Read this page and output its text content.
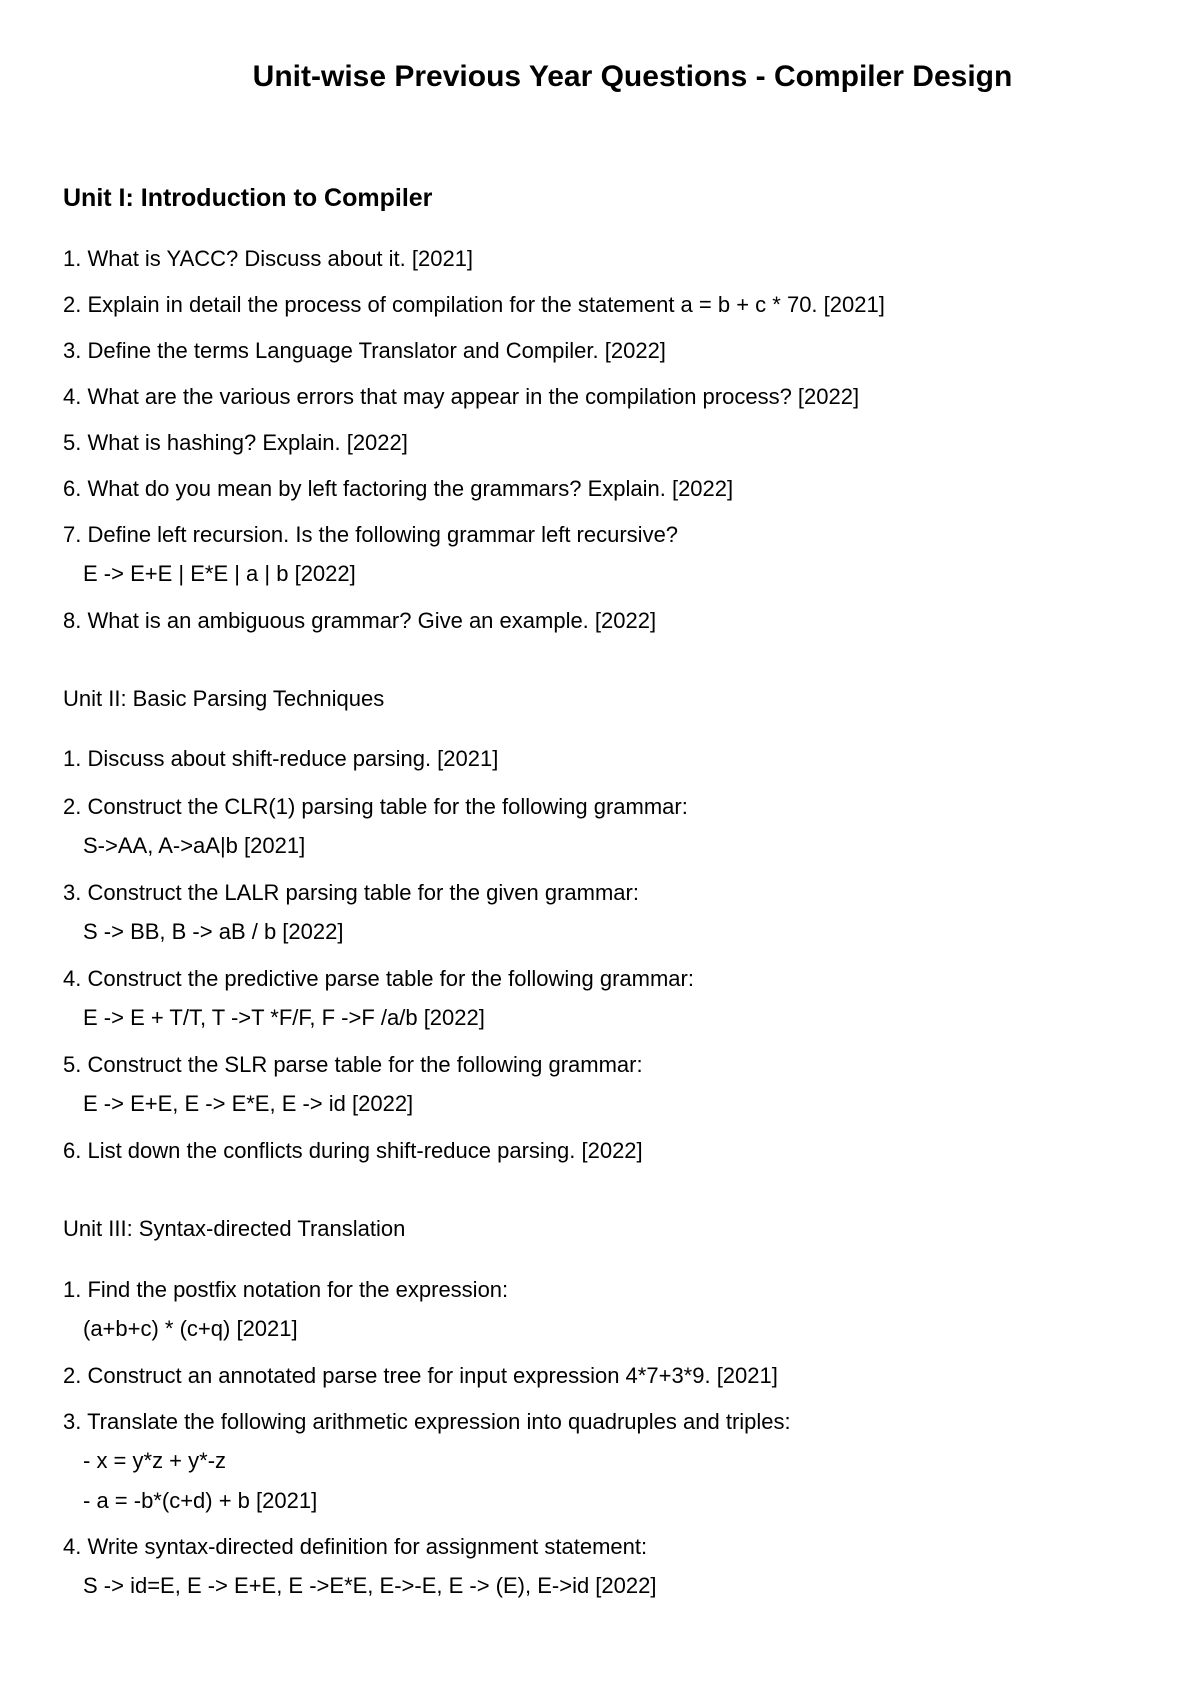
Unit-wise Previous Year Questions - Compiler Design
Unit I: Introduction to Compiler

1. What is YACC? Discuss about it. [2021]

2. Explain in detail the process of compilation for the statement a = b + c * 70. [2021]

3. Define the terms Language Translator and Compiler. [2022]

4. What are the various errors that may appear in the compilation process? [2022]

5. What is hashing? Explain. [2022]

6. What do you mean by left factoring the grammars? Explain. [2022]

7. Define left recursion. Is the following grammar left recursive?

E -> E+E | E*E | a | b [2022]

8. What is an ambiguous grammar? Give an example. [2022]

Unit II: Basic Parsing Techniques

1. Discuss about shift-reduce parsing. [2021]

2. Construct the CLR(1) parsing table for the following grammar:

S->AA, A->aA|b [2021]

3. Construct the LALR parsing table for the given grammar:

S -> BB, B -> aB / b [2022]

4. Construct the predictive parse table for the following grammar:

E -> E + T/T, T ->T *F/F, F ->F /a/b [2022]

5. Construct the SLR parse table for the following grammar:

E -> E+E, E -> E*E, E -> id [2022]

6. List down the conflicts during shift-reduce parsing. [2022]

Unit III: Syntax-directed Translation

1. Find the postfix notation for the expression:

(a+b+c) * (c+q) [2021]

2. Construct an annotated parse tree for input expression 4*7+3*9. [2021]

3. Translate the following arithmetic expression into quadruples and triples:

- x = y*z + y*-z

- a = -b*(c+d) + b [2021]

4. Write syntax-directed definition for assignment statement:

S -> id=E, E -> E+E, E ->E*E, E->-E, E -> (E), E->id [2022]
